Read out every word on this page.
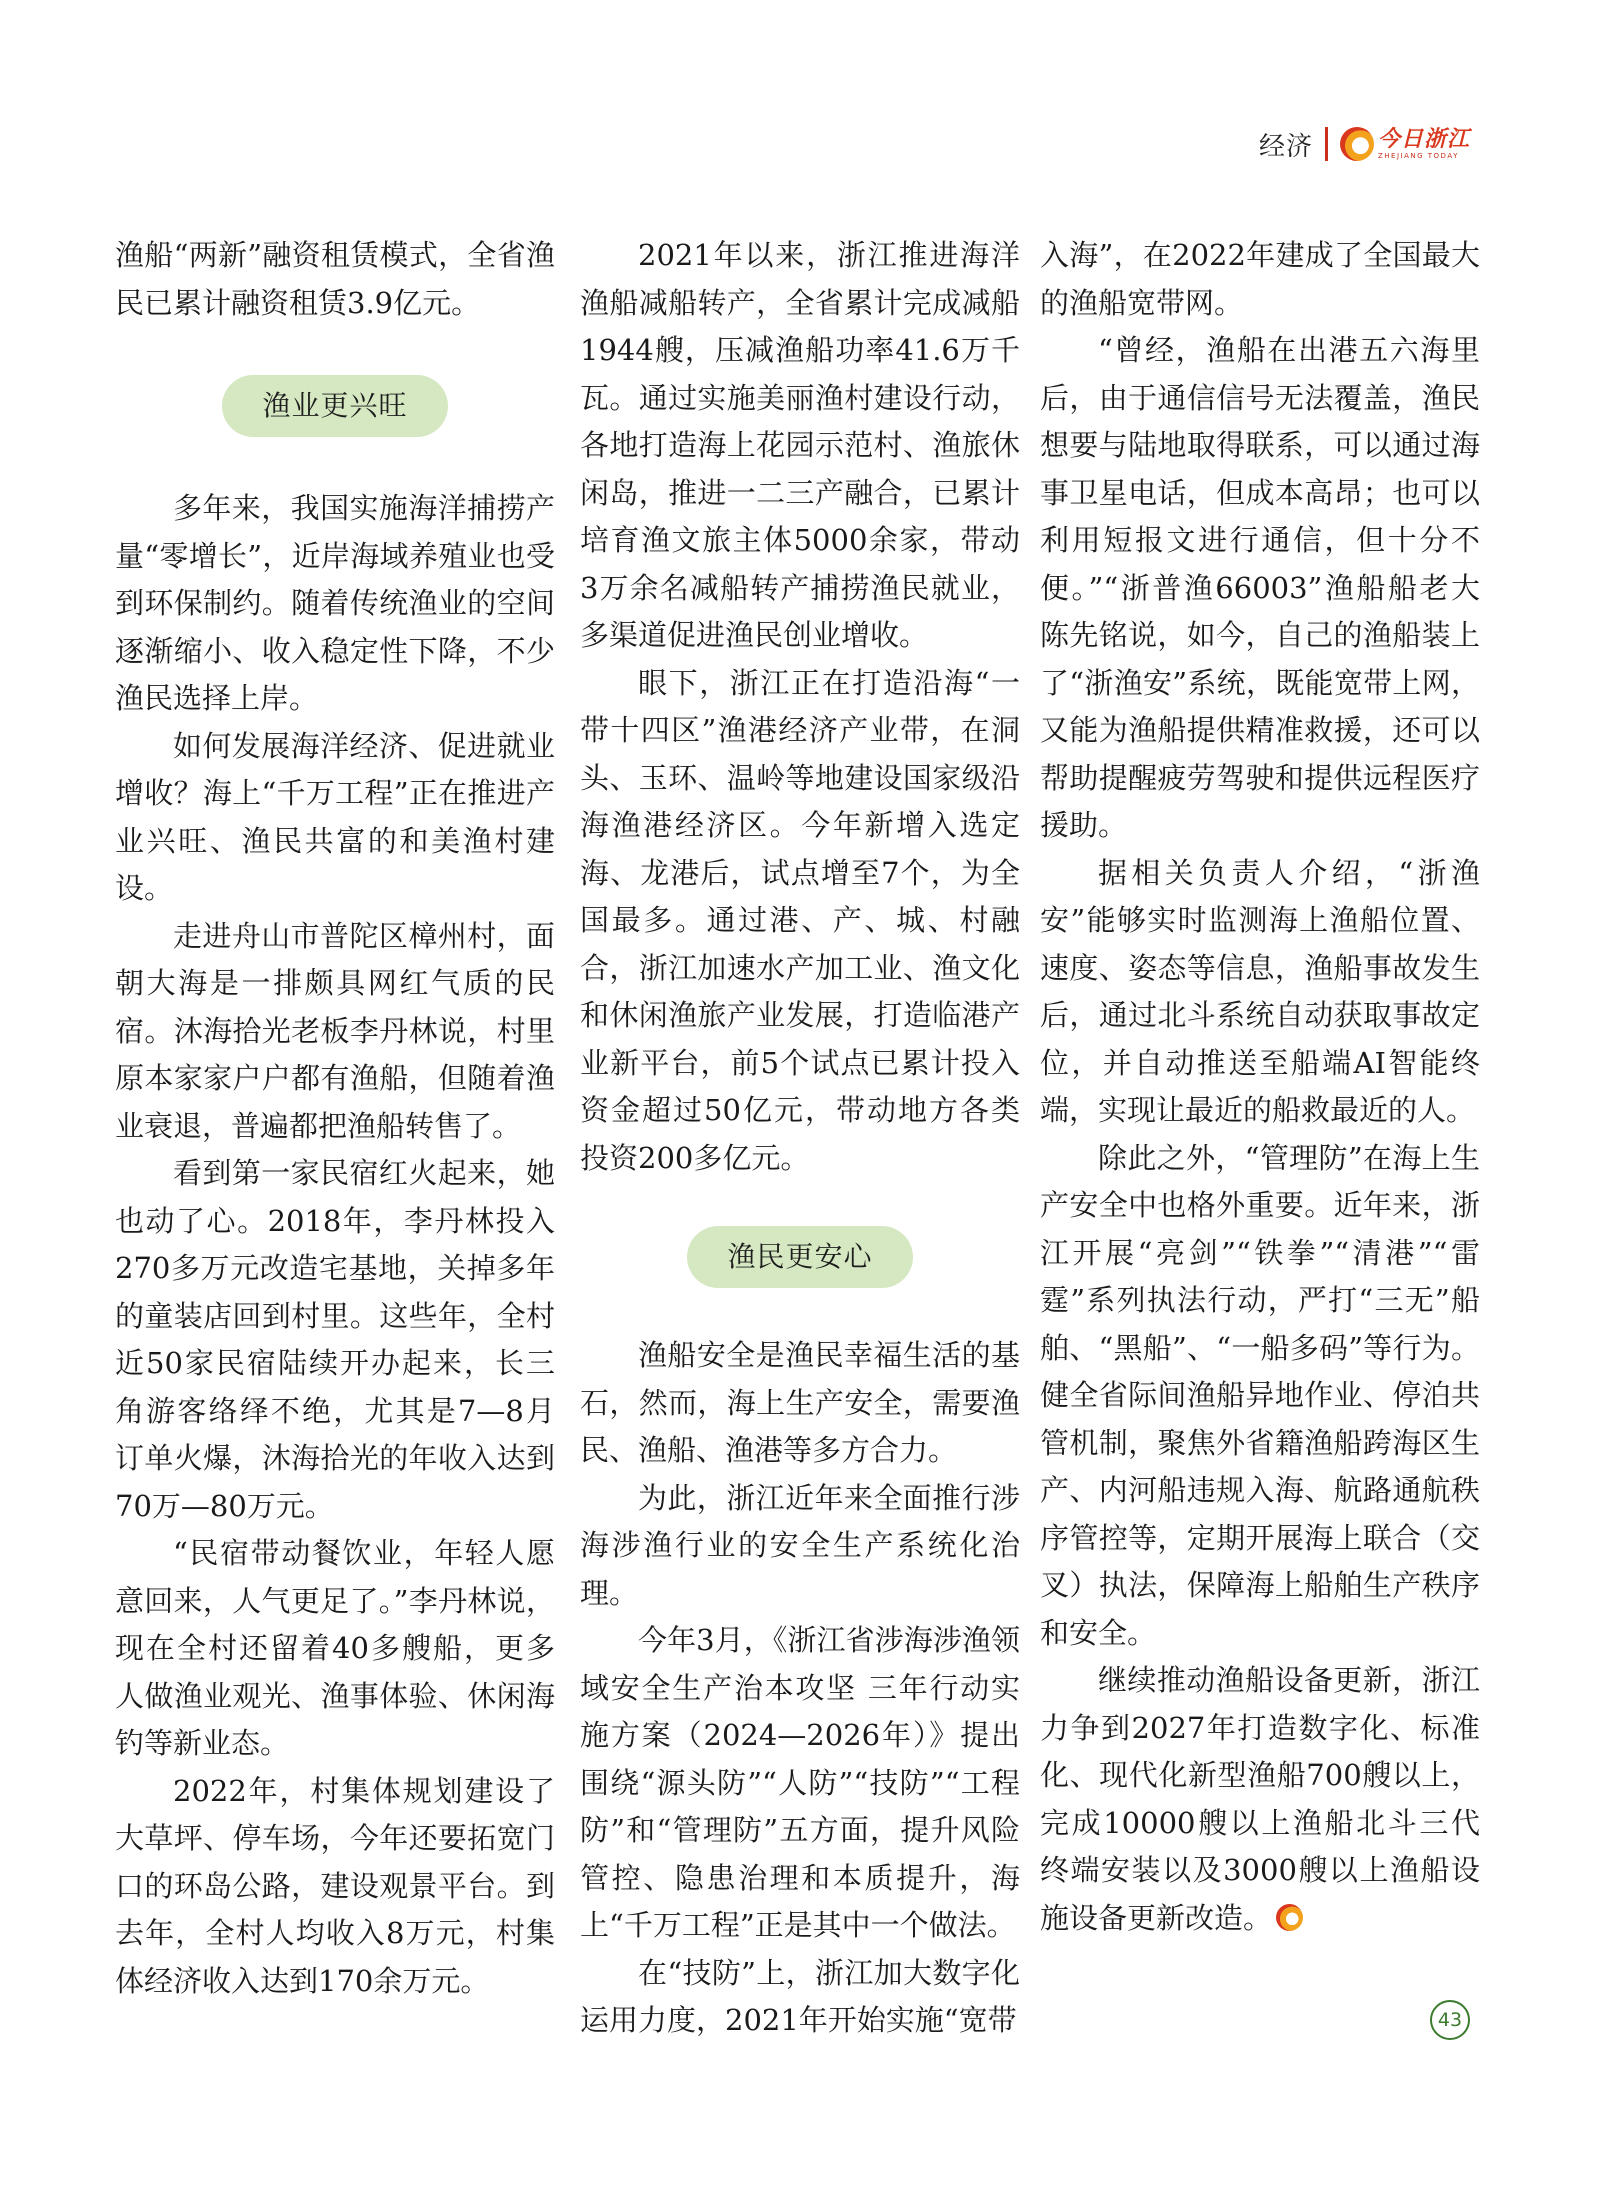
经济	今日浙江
ZHEJIANG TODAY

渔船“两新”融资租赁模式，全省渔民已累计融资租赁3.9亿元。

渔业更兴旺

多年来，我国实施海洋捕捞产量“零增长”，近岸海域养殖业也受到环保制约。随着传统渔业的空间逐渐缩小、收入稳定性下降，不少渔民选择上岸。

如何发展海洋经济、促进就业增收？海上“千万工程”正在推进产业兴旺、渔民共富的和美渔村建设。

走进舟山市普陀区樟州村，面朝大海是一排颇具网红气质的民宿。沐海拾光老板李丹林说，村里原本家家户户都有渔船，但随着渔业衰退，普遍都把渔船转售了。

看到第一家民宿红火起来，她也动了心。2018年，李丹林投入270多万元改造宅基地，关掉多年的童装店回到村里。这些年，全村近50家民宿陆续开办起来，长三角游客络绎不绝，尤其是7—8月订单火爆，沐海拾光的年收入达到70万—80万元。

“民宿带动餐饮业，年轻人愿意回来，人气更足了。”李丹林说，现在全村还留着40多艘船，更多人做渔业观光、渔事体验、休闲海钓等新业态。

2022年，村集体规划建设了大草坪、停车场，今年还要拓宽门口的环岛公路，建设观景平台。到去年，全村人均收入8万元，村集体经济收入达到170余万元。

2021年以来，浙江推进海洋渔船减船转产，全省累计完成减船1944艘，压减渔船功率41.6万千瓦。通过实施美丽渔村建设行动，各地打造海上花园示范村、渔旅休闲岛，推进一二三产融合，已累计培育渔文旅主体5000余家，带动3万余名减船转产捕捞渔民就业，多渠道促进渔民创业增收。

眼下，浙江正在打造沿海“一带十四区”渔港经济产业带，在洞头、玉环、温岭等地建设国家级沿海渔港经济区。今年新增入选定海、龙港后，试点增至7个，为全国最多。通过港、产、城、村融合，浙江加速水产加工业、渔文化和休闲渔旅产业发展，打造临港产业新平台，前5个试点已累计投入资金超过50亿元，带动地方各类投资200多亿元。

渔民更安心

渔船安全是渔民幸福生活的基石，然而，海上生产安全，需要渔民、渔船、渔港等多方合力。

为此，浙江近年来全面推行涉海涉渔行业的安全生产系统化治理。

今年3月，《浙江省涉海涉渔领域安全生产治本攻坚 三年行动实施方案（2024—2026年）》提出围绕“源头防”“人防”“技防”“工程防”和“管理防”五方面，提升风险管控、隐患治理和本质提升，海上“千万工程”正是其中一个做法。

在“技防”上，浙江加大数字化运用力度，2021年开始实施“宽带

入海”，在2022年建成了全国最大的渔船宽带网。

“曾经，渔船在出港五六海里后，由于通信信号无法覆盖，渔民想要与陆地取得联系，可以通过海事卫星电话，但成本高昂；也可以利用短报文进行通信，但十分不便。”“浙普渔66003”渔船船老大陈先铭说，如今，自己的渔船装上了“浙渔安”系统，既能宽带上网，又能为渔船提供精准救援，还可以帮助提醒疲劳驾驶和提供远程医疗援助。

据相关负责人介绍，“浙渔安”能够实时监测海上渔船位置、速度、姿态等信息，渔船事故发生后，通过北斗系统自动获取事故定位，并自动推送至船端AI智能终端，实现让最近的船救最近的人。

除此之外，“管理防”在海上生产安全中也格外重要。近年来，浙江开展“亮剑”“铁拳”“清港”“雷霆”系列执法行动，严打“三无”船舶、“黑船”、“一船多码”等行为。健全省际间渔船异地作业、停泊共管机制，聚焦外省籍渔船跨海区生产、内河船违规入海、航路通航秩序管控等，定期开展海上联合（交叉）执法，保障海上船舶生产秩序和安全。

继续推动渔船设备更新，浙江力争到2027年打造数字化、标准化、现代化新型渔船700艘以上，完成10000艘以上渔船北斗三代终端安装以及3000艘以上渔船设施设备更新改造。

43
